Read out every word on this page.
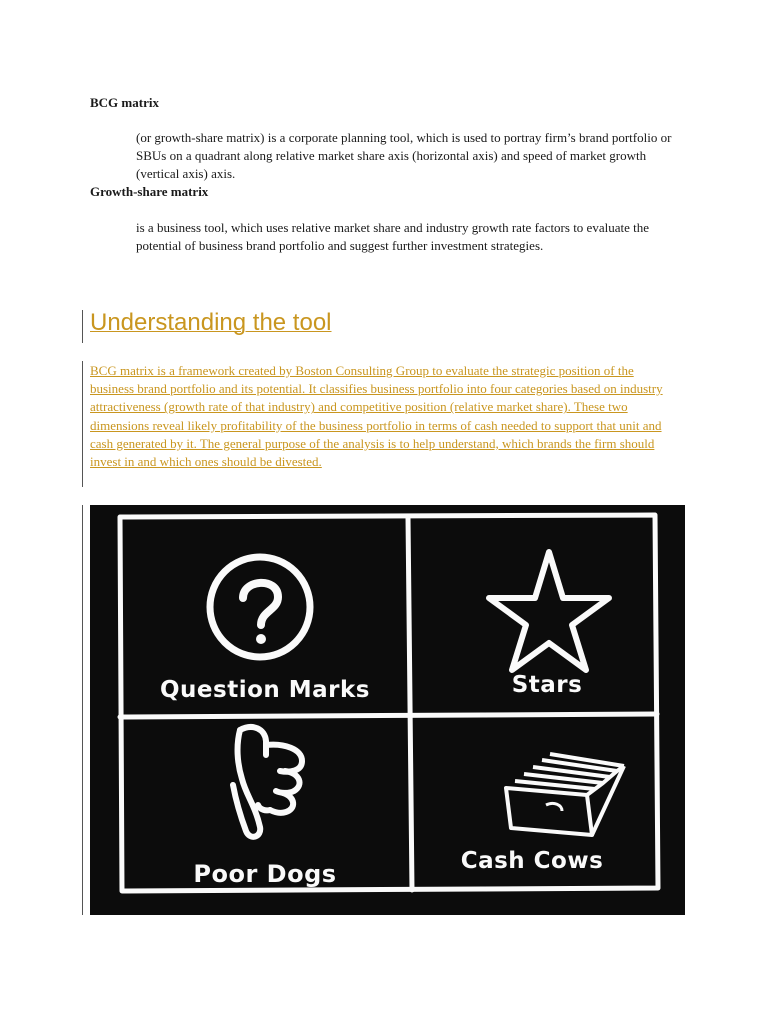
BCG matrix
(or growth-share matrix) is a corporate planning tool, which is used to portray firm’s brand portfolio or SBUs on a quadrant along relative market share axis (horizontal axis) and speed of market growth (vertical axis) axis.
Growth-share matrix
is a business tool, which uses relative market share and industry growth rate factors to evaluate the potential of business brand portfolio and suggest further investment strategies.
Understanding the tool
BCG matrix is a framework created by Boston Consulting Group to evaluate the strategic position of the business brand portfolio and its potential. It classifies business portfolio into four categories based on industry attractiveness (growth rate of that industry) and competitive position (relative market share). These two dimensions reveal likely profitability of the business portfolio in terms of cash needed to support that unit and cash generated by it. The general purpose of the analysis is to help understand, which brands the firm should invest in and which ones should be divested.
Question Marks	Stars
Poor Dogs	Cash Cows
